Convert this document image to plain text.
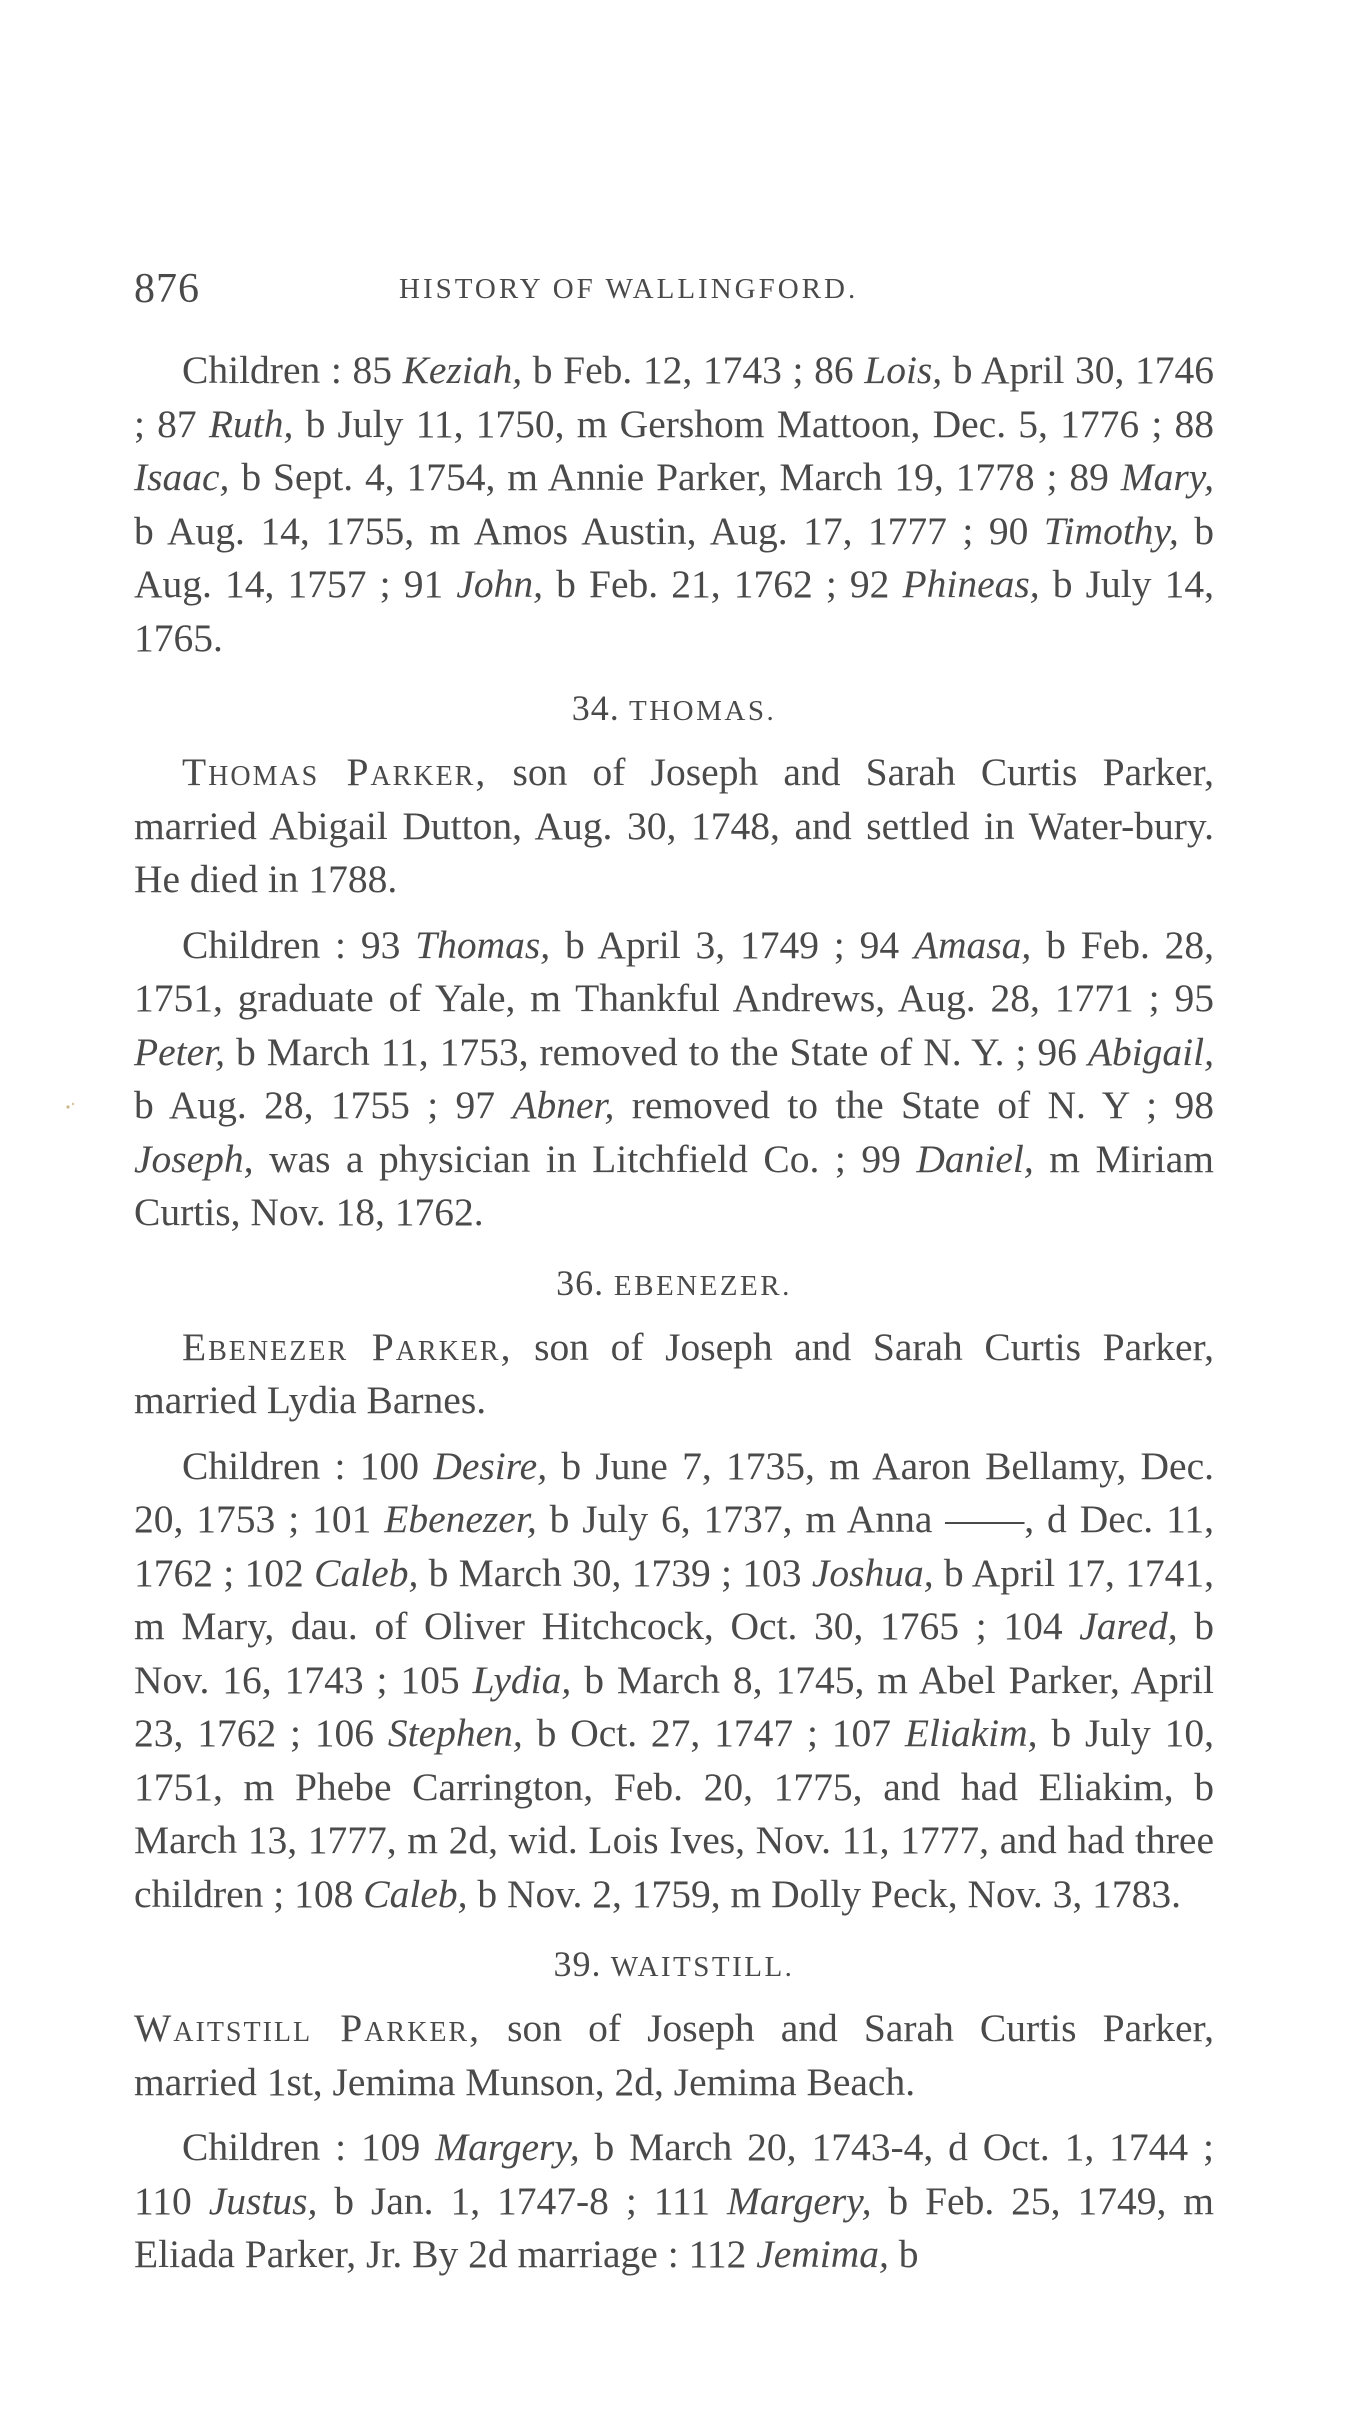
876	HISTORY OF WALLINGFORD.

Children : 85 Keziah, b Feb. 12, 1743 ; 86 Lois, b April 30, 1746 ; 87 Ruth, b July 11, 1750, m Gershom Mattoon, Dec. 5, 1776 ; 88 Isaac, b Sept. 4, 1754, m Annie Parker, March 19, 1778 ; 89 Mary, b Aug. 14, 1755, m Amos Austin, Aug. 17, 1777 ; 90 Timothy, b Aug. 14, 1757 ; 91 John, b Feb. 21, 1762 ; 92 Phineas, b July 14, 1765.

34. THOMAS.

Thomas Parker, son of Joseph and Sarah Curtis Parker, married Abigail Dutton, Aug. 30, 1748, and settled in Water-bury. He died in 1788.

Children : 93 Thomas, b April 3, 1749 ; 94 Amasa, b Feb. 28, 1751, graduate of Yale, m Thankful Andrews, Aug. 28, 1771 ; 95 Peter, b March 11, 1753, removed to the State of N. Y. ; 96 Abigail, b Aug. 28, 1755 ; 97 Abner, removed to the State of N. Y ; 98 Joseph, was a physician in Litchfield Co. ; 99 Daniel, m Miriam Curtis, Nov. 18, 1762.

36. EBENEZER.

Ebenezer Parker, son of Joseph and Sarah Curtis Parker, married Lydia Barnes.

Children : 100 Desire, b June 7, 1735, m Aaron Bellamy, Dec. 20, 1753 ; 101 Ebenezer, b July 6, 1737, m Anna ——, d Dec. 11, 1762 ; 102 Caleb, b March 30, 1739 ; 103 Joshua, b April 17, 1741, m Mary, dau. of Oliver Hitchcock, Oct. 30, 1765 ; 104 Jared, b Nov. 16, 1743 ; 105 Lydia, b March 8, 1745, m Abel Parker, April 23, 1762 ; 106 Stephen, b Oct. 27, 1747 ; 107 Eliakim, b July 10, 1751, m Phebe Carrington, Feb. 20, 1775, and had Eliakim, b March 13, 1777, m 2d, wid. Lois Ives, Nov. 11, 1777, and had three children ; 108 Caleb, b Nov. 2, 1759, m Dolly Peck, Nov. 3, 1783.

39. WAITSTILL.

Waitstill Parker, son of Joseph and Sarah Curtis Parker, married 1st, Jemima Munson, 2d, Jemima Beach.

Children : 109 Margery, b March 20, 1743-4, d Oct. 1, 1744 ; 110 Justus, b Jan. 1, 1747-8 ; 111 Margery, b Feb. 25, 1749, m Eliada Parker, Jr. By 2d marriage : 112 Jemima, b
